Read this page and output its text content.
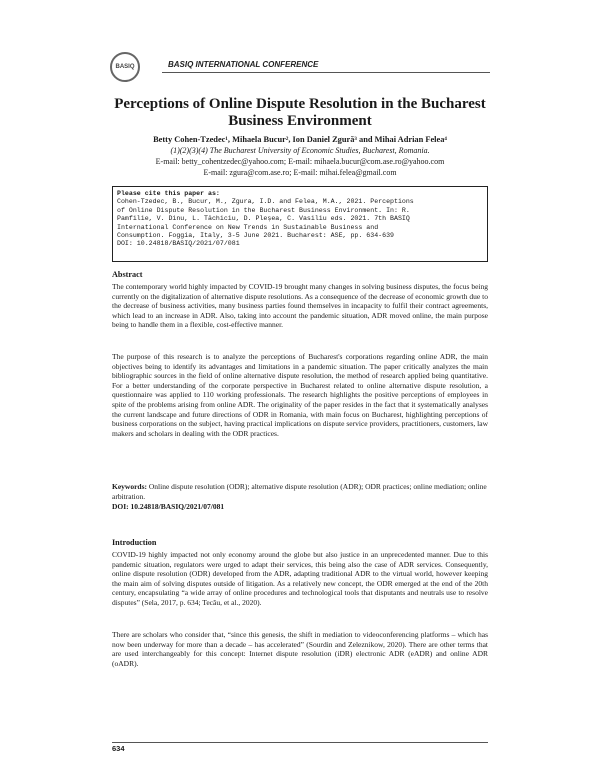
BASIQ	BASIQ INTERNATIONAL CONFERENCE
Perceptions of Online Dispute Resolution in the Bucharest
Business Environment
Betty Cohen-Tzedec¹, Mihaela Bucur², Ion Daniel Zgură³ and Mihai Adrian Felea⁴
(1)(2)(3)(4) The Bucharest University of Economic Studies, Bucharest, Romania.
E-mail: betty_cohentzedec@yahoo.com; E-mail: mihaela.bucur@com.ase.ro@yahoo.com
E-mail: zgura@com.ase.ro; E-mail: mihai.felea@gmail.com
Please cite this paper as:
Cohen-Tzedec, B., Bucur, M., Zgura, I.D. and Felea, M.A., 2021. Perceptions
of Online Dispute Resolution in the Bucharest Business Environment. In: R.
Pamfilie, V. Dinu, L. Tăchiciu, D. Pleșea, C. Vasiliu eds. 2021. 7th BASIQ
International Conference on New Trends in Sustainable Business and
Consumption. Foggia, Italy, 3-5 June 2021. Bucharest: ASE, pp. 634-639
DOI: 10.24818/BASIQ/2021/07/081
Abstract
The contemporary world highly impacted by COVID-19 brought many changes in solving business disputes, the focus being currently on the digitalization of alternative dispute resolutions. As a consequence of the decrease of economic growth due to the decrease of business activities, many business parties found themselves in incapacity to fulfil their contract agreements, which lead to an increase in ADR. Also, taking into account the pandemic situation, ADR moved online, the main purpose being to handle them in a flexible, cost-effective manner.
The purpose of this research is to analyze the perceptions of Bucharest's corporations regarding online ADR, the main objectives being to identify its advantages and limitations in a pandemic situation. The paper critically analyzes the main bibliographic sources in the field of online alternative dispute resolution, the method of research applied being quantitative. For a better understanding of the corporate perspective in Bucharest related to online alternative dispute resolution, a questionnaire was applied to 110 working professionals. The research highlights the positive perceptions of employees in spite of the problems arising from online ADR. The originality of the paper resides in the fact that it systematically analyses the current landscape and future directions of ODR in Romania, with main focus on Bucharest, highlighting perceptions of business corporations on the subject, having practical implications on dispute service providers, practitioners, customers, law makers and scholars in dealing with the ODR practices.
Keywords: Online dispute resolution (ODR); alternative dispute resolution (ADR); ODR practices; online mediation; online arbitration.
DOI: 10.24818/BASIQ/2021/07/081
Introduction
COVID-19 highly impacted not only economy around the globe but also justice in an unprecedented manner. Due to this pandemic situation, regulators were urged to adapt their services, this being also the case of ADR services. Consequently, online dispute resolution (ODR) developed from the ADR, adapting traditional ADR to the virtual world, however keeping the main aim of solving disputes outside of litigation. As a relatively new concept, the ODR emerged at the end of the 20th century, encapsulating “a wide array of online procedures and technological tools that disputants and neutrals use to resolve disputes” (Sela, 2017, p. 634; Tecău, et al., 2020).
There are scholars who consider that, “since this genesis, the shift in mediation to videoconferencing platforms – which has now been underway for more than a decade – has accelerated” (Sourdin and Zeleznikow, 2020). There are other terms that are used interchangeably for this concept: Internet dispute resolution (iDR) electronic ADR (eADR) and online ADR (oADR).
634
